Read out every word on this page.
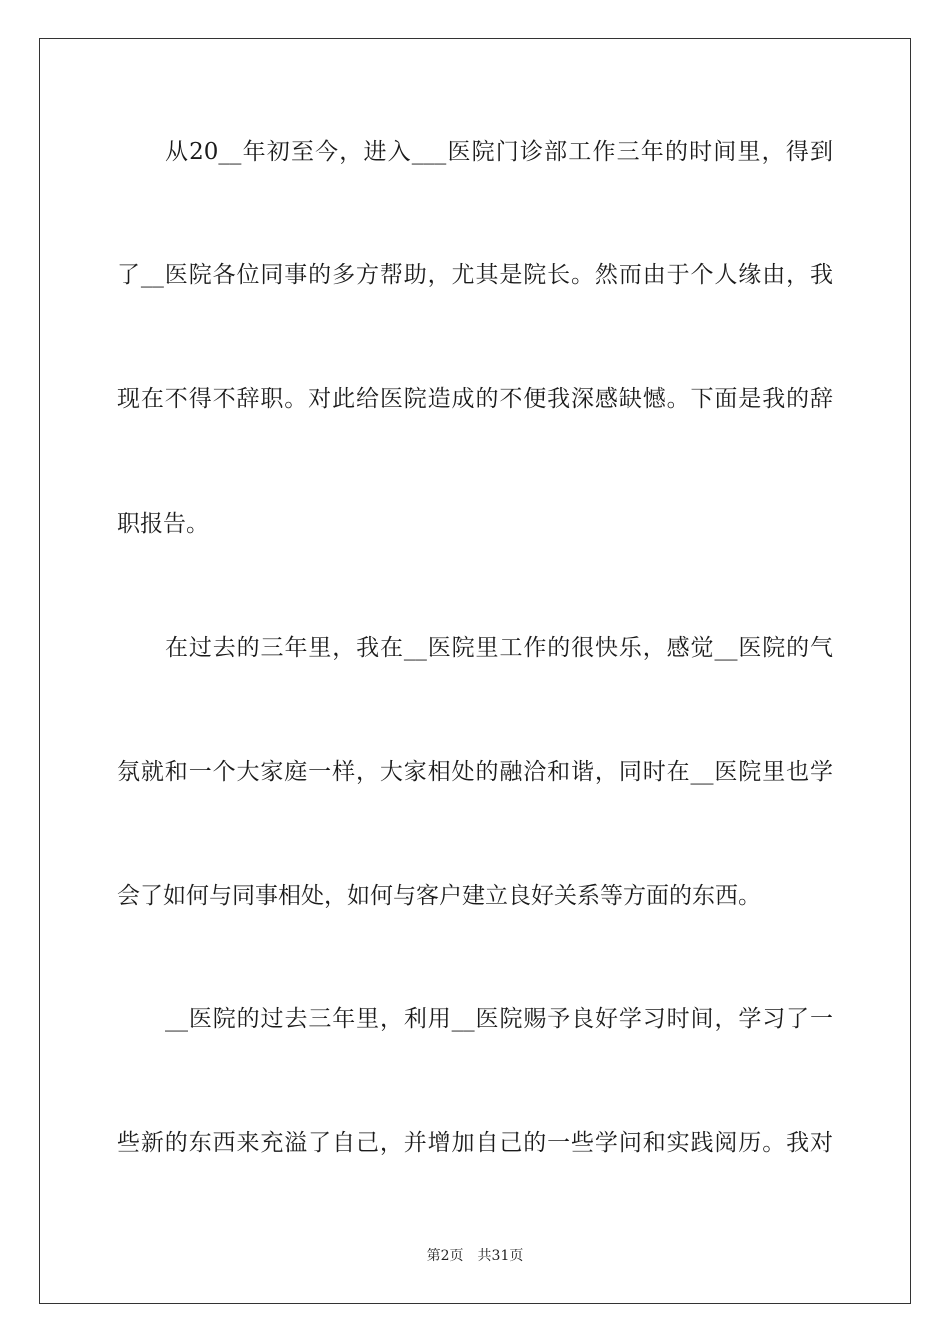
从20__年初至今，进入___医院门诊部工作三年的时间里，得到
了__医院各位同事的多方帮助，尤其是院长。然而由于个人缘由，我
现在不得不辞职。对此给医院造成的不便我深感缺憾。下面是我的辞
职报告。
在过去的三年里，我在__医院里工作的很快乐，感觉__医院的气
氛就和一个大家庭一样，大家相处的融洽和谐，同时在__医院里也学
会了如何与同事相处，如何与客户建立良好关系等方面的东西。
__医院的过去三年里，利用__医院赐予良好学习时间，学习了一
些新的东西来充溢了自己，并增加自己的一些学问和实践阅历。我对
第2页 共31页
